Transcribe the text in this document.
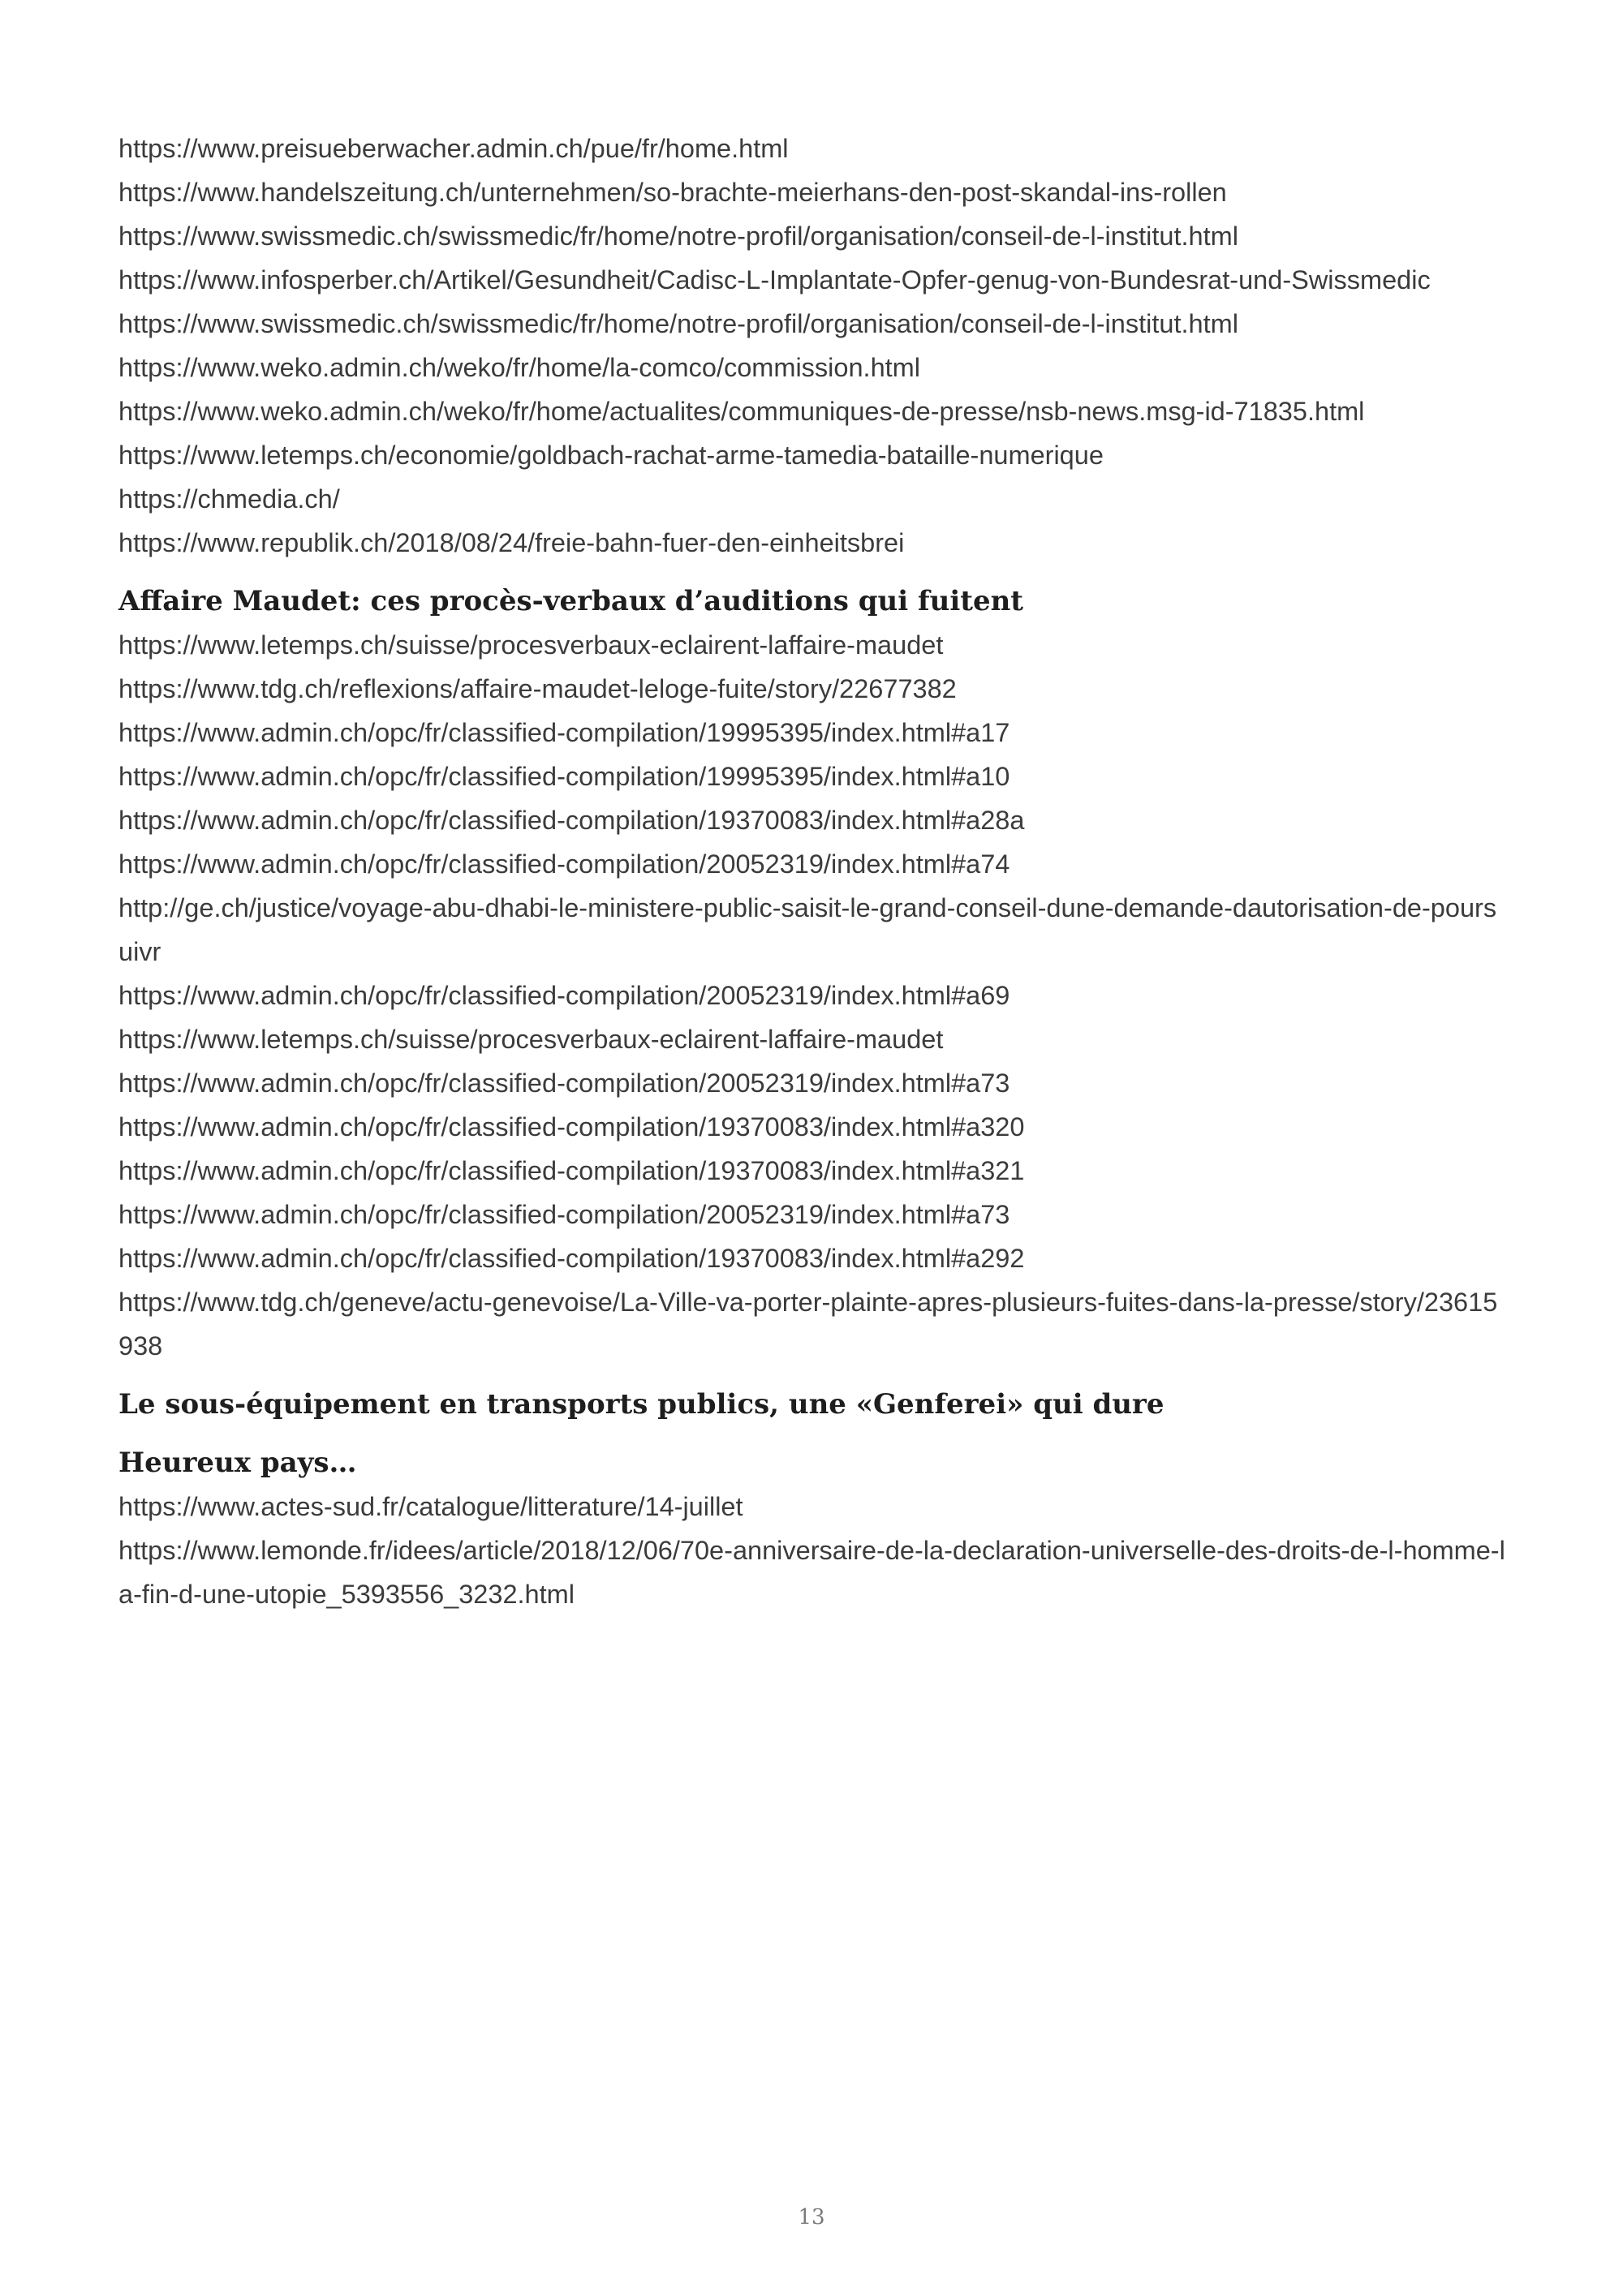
https://www.preisueberwacher.admin.ch/pue/fr/home.html

https://www.handelszeitung.ch/unternehmen/so-brachte-meierhans-den-post-skandal-ins-rollen

https://www.swissmedic.ch/swissmedic/fr/home/notre-profil/organisation/conseil-de-l-institut.html

https://www.infosperber.ch/Artikel/Gesundheit/Cadisc-L-Implantate-Opfer-genug-von-Bundesrat-und-Swissmedic

https://www.swissmedic.ch/swissmedic/fr/home/notre-profil/organisation/conseil-de-l-institut.html

https://www.weko.admin.ch/weko/fr/home/la-comco/commission.html

https://www.weko.admin.ch/weko/fr/home/actualites/communiques-de-presse/nsb-news.msg-id-71835.html

https://www.letemps.ch/economie/goldbach-rachat-arme-tamedia-bataille-numerique

https://chmedia.ch/

https://www.republik.ch/2018/08/24/freie-bahn-fuer-den-einheitsbrei

Affaire Maudet: ces procès-verbaux d’auditions qui fuitent

https://www.letemps.ch/suisse/procesverbaux-eclairent-laffaire-maudet

https://www.tdg.ch/reflexions/affaire-maudet-leloge-fuite/story/22677382

https://www.admin.ch/opc/fr/classified-compilation/19995395/index.html#a17

https://www.admin.ch/opc/fr/classified-compilation/19995395/index.html#a10

https://www.admin.ch/opc/fr/classified-compilation/19370083/index.html#a28a

https://www.admin.ch/opc/fr/classified-compilation/20052319/index.html#a74

http://ge.ch/justice/voyage-abu-dhabi-le-ministere-public-saisit-le-grand-conseil-dune-demande-dautorisation-de-poursuivr

https://www.admin.ch/opc/fr/classified-compilation/20052319/index.html#a69

https://www.letemps.ch/suisse/procesverbaux-eclairent-laffaire-maudet

https://www.admin.ch/opc/fr/classified-compilation/20052319/index.html#a73

https://www.admin.ch/opc/fr/classified-compilation/19370083/index.html#a320

https://www.admin.ch/opc/fr/classified-compilation/19370083/index.html#a321

https://www.admin.ch/opc/fr/classified-compilation/20052319/index.html#a73

https://www.admin.ch/opc/fr/classified-compilation/19370083/index.html#a292

https://www.tdg.ch/geneve/actu-genevoise/La-Ville-va-porter-plainte-apres-plusieurs-fuites-dans-la-presse/story/23615938

Le sous-équipement en transports publics, une «Genferei» qui dure
Heureux pays…

https://www.actes-sud.fr/catalogue/litterature/14-juillet

https://www.lemonde.fr/idees/article/2018/12/06/70e-anniversaire-de-la-declaration-universelle-des-droits-de-l-homme-la-fin-d-une-utopie_5393556_3232.html

13
